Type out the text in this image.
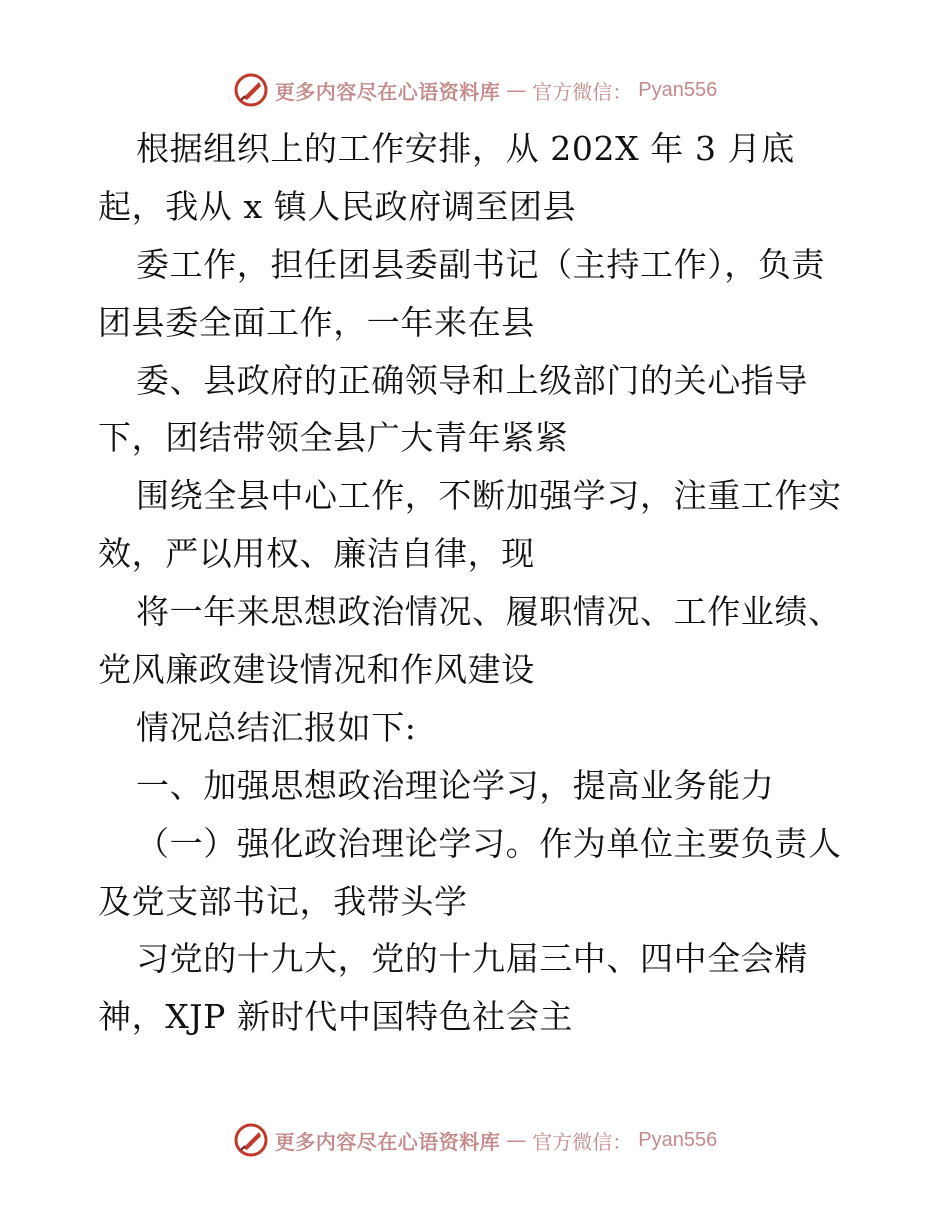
更多内容尽在心语资料库 — 官方微信： Pyan556
根据组织上的工作安排，从 202X 年 3 月底
起，我从 x 镇人民政府调至团县
委工作，担任团县委副书记（主持工作），负责
团县委全面工作，一年来在县
委、县政府的正确领导和上级部门的关心指导
下，团结带领全县广大青年紧紧
围绕全县中心工作，不断加强学习，注重工作实
效，严以用权、廉洁自律，现
将一年来思想政治情况、履职情况、工作业绩、
党风廉政建设情况和作风建设
情况总结汇报如下:
一、加强思想政治理论学习，提高业务能力
（一）强化政治理论学习。作为单位主要负责人
及党支部书记，我带头学
习党的十九大，党的十九届三中、四中全会精
神，XJP 新时代中国特色社会主
更多内容尽在心语资料库 — 官方微信： Pyan556
